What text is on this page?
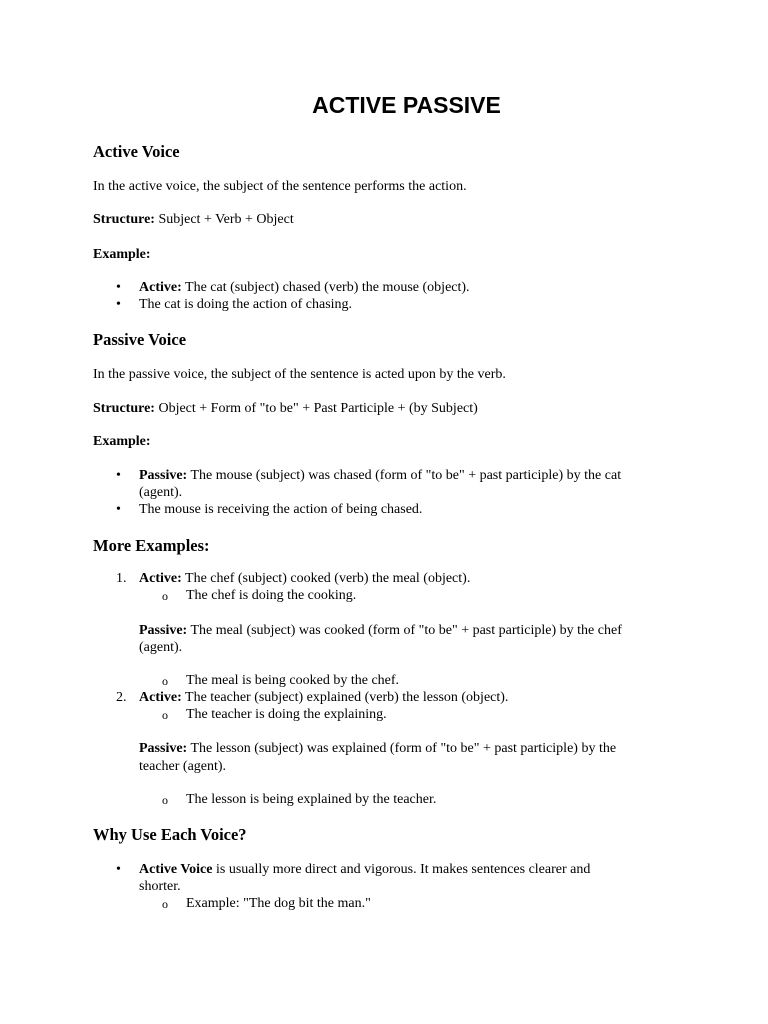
ACTIVE PASSIVE
Active Voice
In the active voice, the subject of the sentence performs the action.
Structure: Subject + Verb + Object
Example:
• Active: The cat (subject) chased (verb) the mouse (object).
• The cat is doing the action of chasing.
Passive Voice
In the passive voice, the subject of the sentence is acted upon by the verb.
Structure: Object + Form of "to be" + Past Participle + (by Subject)
Example:
• Passive: The mouse (subject) was chased (form of "to be" + past participle) by the cat
(agent).
• The mouse is receiving the action of being chased.
More Examples:
1. Active: The chef (subject) cooked (verb) the meal (object).
o The chef is doing the cooking.
Passive: The meal (subject) was cooked (form of "to be" + past participle) by the chef
(agent).
o The meal is being cooked by the chef.
2. Active: The teacher (subject) explained (verb) the lesson (object).
o The teacher is doing the explaining.
Passive: The lesson (subject) was explained (form of "to be" + past participle) by the
teacher (agent).
o The lesson is being explained by the teacher.
Why Use Each Voice?
• Active Voice is usually more direct and vigorous. It makes sentences clearer and
shorter.
o Example: "The dog bit the man."
